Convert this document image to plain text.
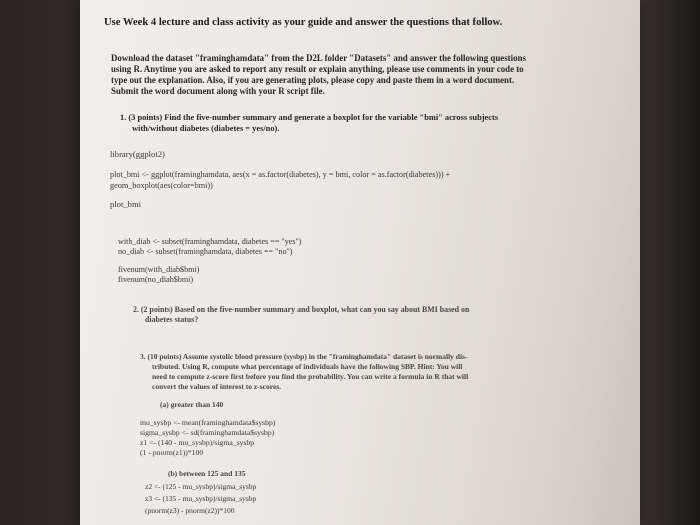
Use Week 4 lecture and class activity as your guide and answer the questions that follow.
Download the dataset "framinghamdata" from the D2L folder "Datasets" and answer the following questions
using R. Anytime you are asked to report any result or explain anything, please use comments in your code to
type out the explanation. Also, if you are generating plots, please copy and paste them in a word document.
Submit the word document along with your R script file.
1. (3 points) Find the five-number summary and generate a boxplot for the variable "bmi" across subjects
with/without diabetes (diabetes = yes/no).
library(ggplot2)
plot_bmi <- ggplot(framinghamdata, aes(x = as.factor(diabetes), y = bmi, color = as.factor(diabetes))) +
geom_boxplot(aes(color=bmi))
plot_bmi
with_diab <- subset(framinghamdata, diabetes == "yes")
no_diab <- subset(framinghamdata, diabetes == "no")
fivenum(with_diab$bmi)
fivenum(no_diab$bmi)
2. (2 points) Based on the five-number summary and boxplot, what can you say about BMI based on
diabetes status?
3. (10 points) Assume systolic blood pressure (sysbp) in the "framinghamdata" dataset is normally dis-
tributed. Using R, compute what percentage of individuals have the following SBP. Hint: You will
need to compute z-score first before you find the probability. You can write a formula in R that will
convert the values of interest to z-scores.
(a) greater than 140
mu_sysbp <- mean(framinghamdata$sysbp)
sigma_sysbp <- sd(framinghamdata$sysbp)
z1 <- (140 - mu_sysbp)/sigma_sysbp
(1 - pnorm(z1))*100
(b) between 125 and 135
z2 <- (125 - mu_sysbp)/sigma_sysbp
z3 <- (135 - mu_sysbp)/sigma_sysbp
(pnorm(z3) - pnorm(z2))*100
